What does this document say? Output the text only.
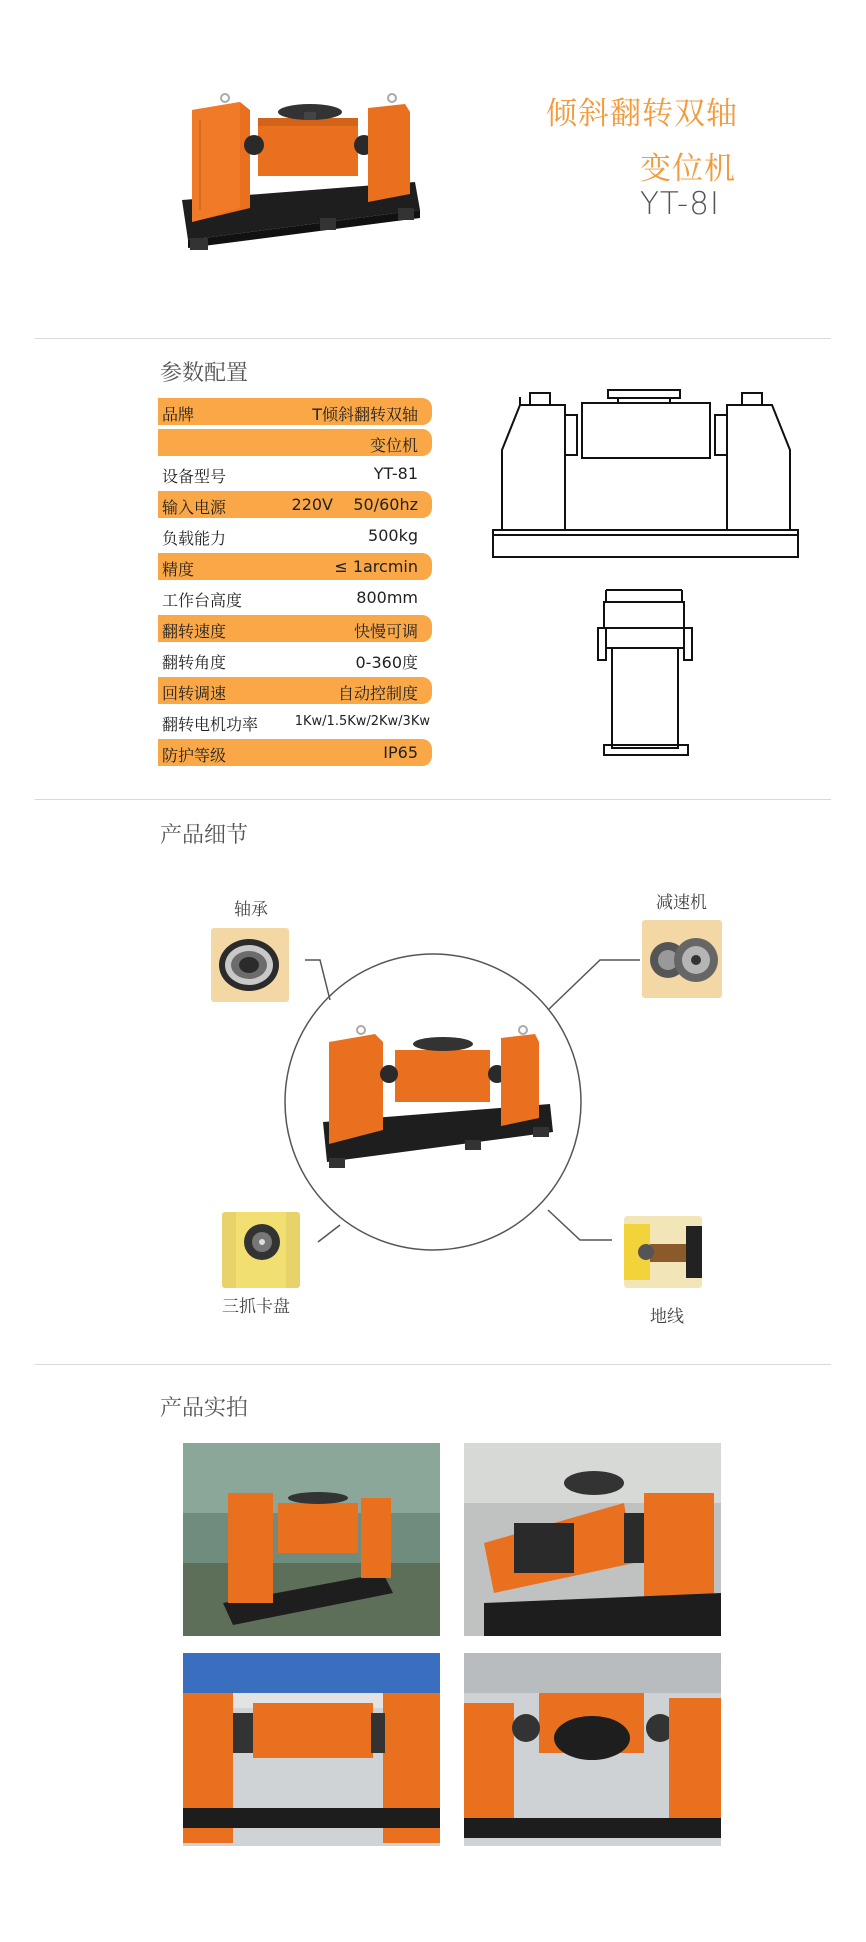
倾斜翻转双轴
变位机
YT-8I
参数配置
品牌	T倾斜翻转双轴
变位机
设备型号	YT-81
输入电源	220V    50/60hz
负载能力	500kg
精度	≤ 1arcmin
工作台高度	800mm
翻转速度	快慢可调
翻转角度	0-360度
回转调速	自动控制度
翻转电机功率	1Kw/1.5Kw/2Kw/3Kw
防护等级	IP65
产品细节
轴承	减速机
三抓卡盘	地线
产品实拍
